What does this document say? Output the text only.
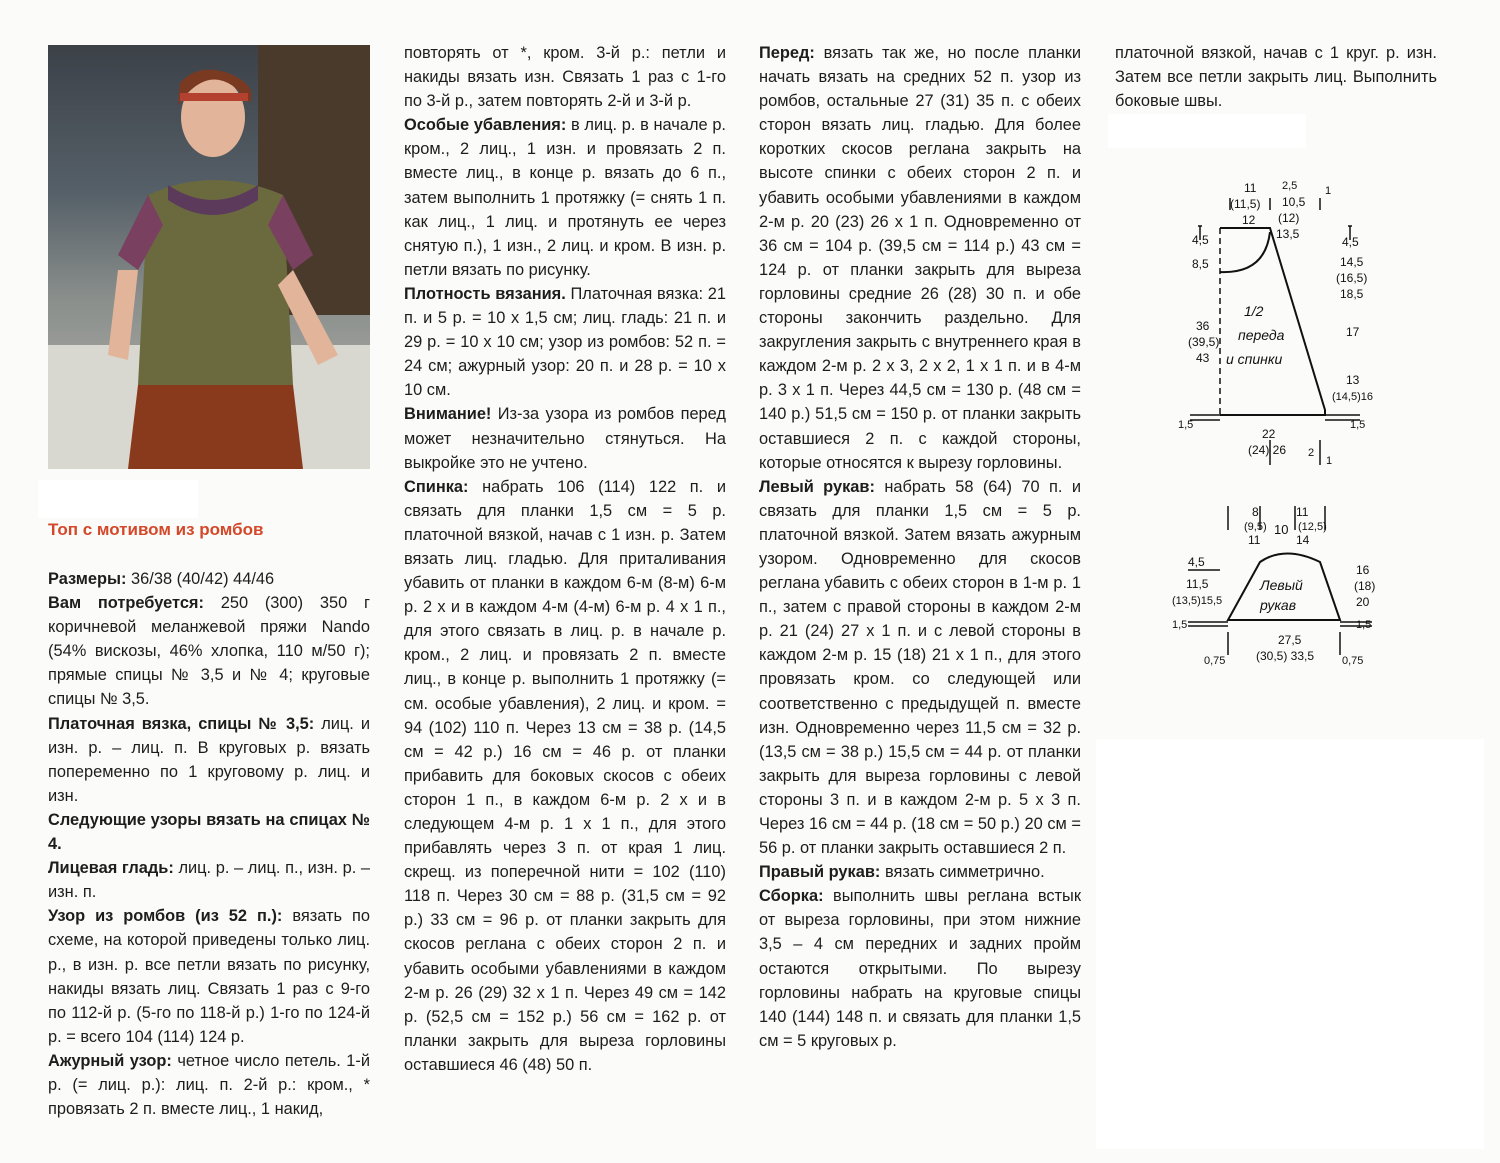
Топ с мотивом из ромбов

Размеры: 36/38 (40/42) 44/46

Вам потребуется: 250 (300) 350 г коричневой меланжевой пряжи Nando (54% вискозы, 46% хлопка, 110 м/50 г); прямые спицы № 3,5 и № 4; круговые спицы № 3,5.

Платочная вязка, спицы № 3,5: лиц. и изн. р. – лиц. п. В круговых р. вязать попеременно по 1 круговому р. лиц. и изн.

Следующие узоры вязать на спицах № 4.

Лицевая гладь: лиц. р. – лиц. п., изн. р. – изн. п.

Узор из ромбов (из 52 п.): вязать по схеме, на которой приведены только лиц. р., в изн. р. все петли вязать по рисунку, накиды вязать лиц. Связать 1 раз с 9-го по 112-й р. (5-го по 118-й р.) 1-го по 124-й р. = всего 104 (114) 124 р.

Ажурный узор: четное число петель. 1-й р. (= лиц. р.): лиц. п. 2-й р.: кром., * провязать 2 п. вместе лиц., 1 накид,

повторять от *, кром. 3-й р.: петли и накиды вязать изн. Связать 1 раз с 1-го по 3-й р., затем повторять 2-й и 3-й р.

Особые убавления: в лиц. р. в начале р. кром., 2 лиц., 1 изн. и провязать 2 п. вместе лиц., в конце р. вязать до 6 п., затем выполнить 1 протяжку (= снять 1 п. как лиц., 1 лиц. и протянуть ее через снятую п.), 1 изн., 2 лиц. и кром. В изн. р. петли вязать по рисунку.

Плотность вязания. Платочная вязка: 21 п. и 5 р. = 10 х 1,5 см; лиц. гладь: 21 п. и 29 р. = 10 х 10 см; узор из ромбов: 52 п. = 24 см; ажурный узор: 20 п. и 28 р. = 10 х 10 см.

Внимание! Из-за узора из ромбов перед может незначительно стянуться. На выкройке это не учтено.

Спинка: набрать 106 (114) 122 п. и связать для планки 1,5 см = 5 р. платочной вязкой, начав с 1 изн. р. Затем вязать лиц. гладью. Для приталивания убавить от планки в каждом 6-м (8-м) 6-м р. 2 х и в каждом 4-м (4-м) 6-м р. 4 х 1 п., для этого связать в лиц. р. в начале р. кром., 2 лиц. и провязать 2 п. вместе лиц., в конце р. выполнить 1 протяжку (= см. особые убавления), 2 лиц. и кром. = 94 (102) 110 п. Через 13 см = 38 р. (14,5 см = 42 р.) 16 см = 46 р. от планки прибавить для боковых скосов с обеих сторон 1 п., в каждом 6-м р. 2 х и в следующем 4-м р. 1 х 1 п., для этого прибавлять через 3 п. от края 1 лиц. скрещ. из поперечной нити = 102 (110) 118 п. Через 30 см = 88 р. (31,5 см = 92 р.) 33 см = 96 р. от планки закрыть для скосов реглана с обеих сторон 2 п. и убавить особыми убавлениями в каждом 2-м р. 26 (29) 32 х 1 п. Через 49 см = 142 р. (52,5 см = 152 р.) 56 см = 162 р. от планки закрыть для выреза горловины оставшиеся 46 (48) 50 п.

Перед: вязать так же, но после планки начать вязать на средних 52 п. узор из ромбов, остальные 27 (31) 35 п. с обеих сторон вязать лиц. гладью. Для более коротких скосов реглана закрыть на высоте спинки с обеих сторон 2 п. и убавить особыми убавлениями в каждом 2-м р. 20 (23) 26 х 1 п. Одновременно от 36 см = 104 р. (39,5 см = 114 р.) 43 см = 124 р. от планки закрыть для выреза горловины средние 26 (28) 30 п. и обе стороны закончить раздельно. Для закругления закрыть с внутреннего края в каждом 2-м р. 2 х 3, 2 х 2, 1 х 1 п. и в 4-м р. 3 х 1 п. Через 44,5 см = 130 р. (48 см = 140 р.) 51,5 см = 150 р. от планки закрыть оставшиеся 2 п. с каждой стороны, которые относятся к вырезу горловины.

Левый рукав: набрать 58 (64) 70 п. и связать для планки 1,5 см = 5 р. платочной вязкой. Затем вязать ажурным узором. Одновременно для скосов реглана убавить с обеих сторон в 1-м р. 1 п., затем с правой стороны в каждом 2-м р. 21 (24) 27 х 1 п. и с левой стороны в каждом 2-м р. 15 (18) 21 х 1 п., для этого провязать кром. со следующей или соответственно с предыдущей п. вместе изн. Одновременно через 11,5 см = 32 р. (13,5 см = 38 р.) 15,5 см = 44 р. от планки закрыть для выреза горловины с левой стороны 3 п. и в каждом 2-м р. 5 х 3 п. Через 16 см = 44 р. (18 см = 50 р.) 20 см = 56 р. от планки закрыть оставшиеся 2 п.

Правый рукав: вязать симметрично.

Сборка: выполнить швы реглана встык от выреза горловины, при этом нижние 3,5 – 4 см передних и задних пройм остаются открытыми. По вырезу горловины набрать на круговые спицы 140 (144) 148 п. и связать для планки 1,5 см = 5 круговых р.

платочной вязкой, начав с 1 круг. р. изн. Затем все петли закрыть лиц. Выполнить боковые швы.

11 2,5	1
(11,5) 10,5
12 (12)
13,5
4,5
8,5
36
(39,5)
43
1,5
4,5
14,5
(16,5)
18,5
17
13
(14,5)16
1,5
22
(24) 26 2
1
1/2
переда
и спинки
8
(9,5)
11
10
11
(12,5)
14
4,5
11,5
(13,5)15,5
1,5
16
(18)
20
1,5
27,5
(30,5) 33,5
0,75	0,75
Левый
рукав
